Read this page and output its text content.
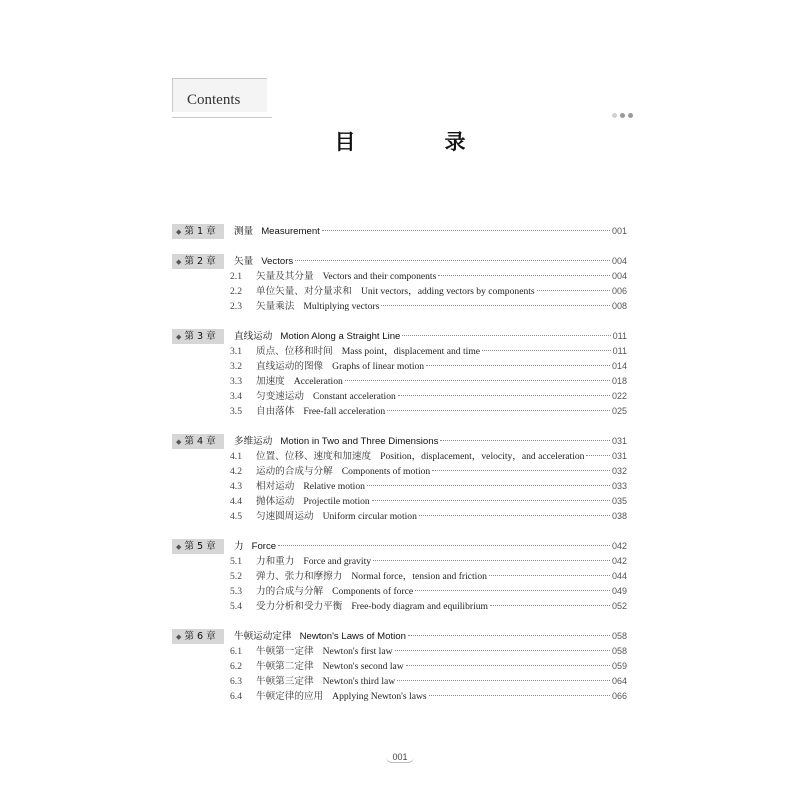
Contents
目　录
◆ 第 1 章	测量 Measurement	001
◆ 第 2 章	矢量 Vectors	004
2.1	矢量及其分量 Vectors and their components	004
2.2	单位矢量、对分量求和 Unit vectors，adding vectors by components	006
2.3	矢量乘法 Multiplying vectors	008
◆ 第 3 章	直线运动 Motion Along a Straight Line	011
3.1	质点、位移和时间 Mass point，displacement and time	011
3.2	直线运动的图像 Graphs of linear motion	014
3.3	加速度 Acceleration	018
3.4	匀变速运动 Constant acceleration	022
3.5	自由落体 Free-fall acceleration	025
◆ 第 4 章	多维运动 Motion in Two and Three Dimensions	031
4.1	位置、位移、速度和加速度 Position，displacement，velocity，and acceleration	031
4.2	运动的合成与分解 Components of motion	032
4.3	相对运动 Relative motion	033
4.4	抛体运动 Projectile motion	035
4.5	匀速圆周运动 Uniform circular motion	038
◆ 第 5 章	力 Force	042
5.1	力和重力 Force and gravity	042
5.2	弹力、张力和摩擦力 Normal force，tension and friction	044
5.3	力的合成与分解 Components of force	049
5.4	受力分析和受力平衡 Free-body diagram and equilibrium	052
◆ 第 6 章	牛顿运动定律 Newton's Laws of Motion	058
6.1	牛顿第一定律 Newton's first law	058
6.2	牛顿第二定律 Newton's second law	059
6.3	牛顿第三定律 Newton's third law	064
6.4	牛顿定律的应用 Applying Newton's laws	066
001
